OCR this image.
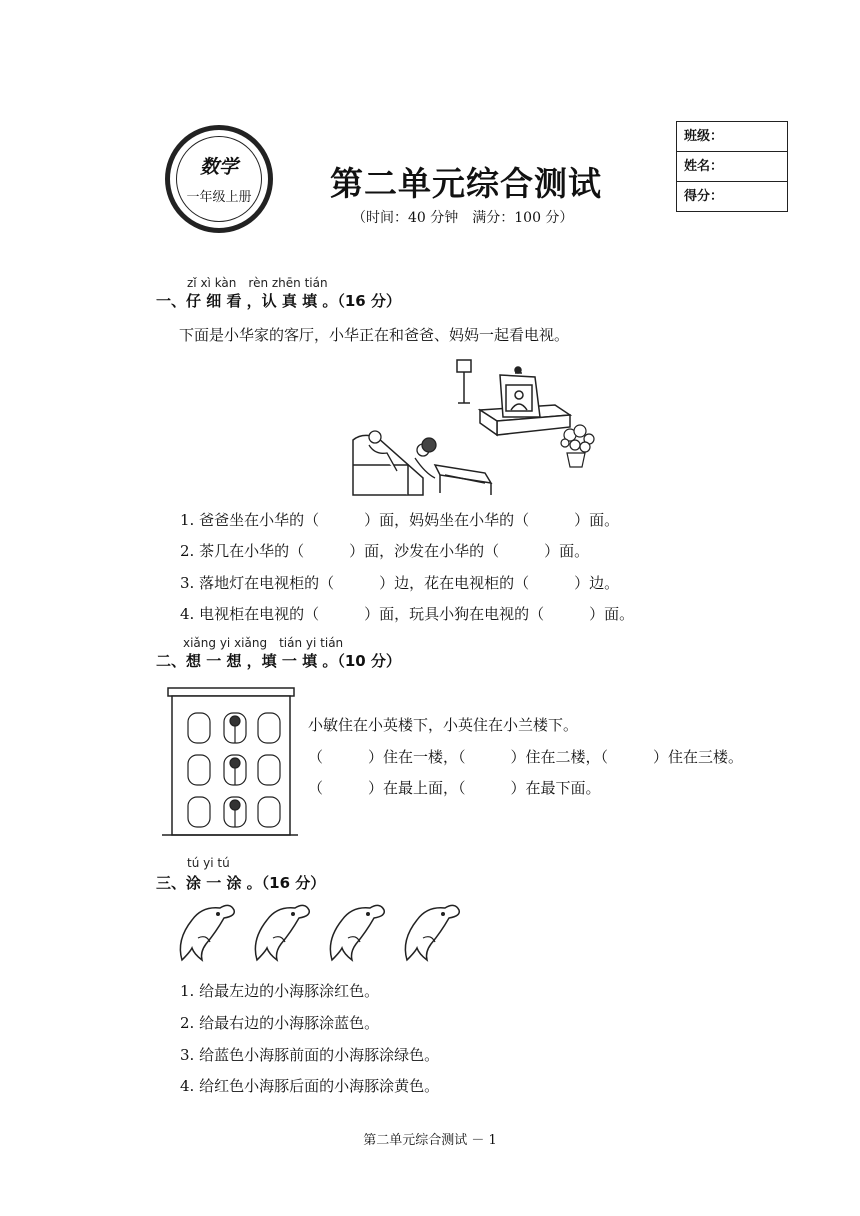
数学
一年级上册	第二单元综合测试
（时间：40 分钟　满分：100 分）
班级：
姓名：
得分：
zǐ xì kàn　rèn zhēn tián
一、仔 细 看 ，认 真 填 。（16 分）
下面是小华家的客厅，小华正在和爸爸、妈妈一起看电视。
1. 爸爸坐在小华的（　　　）面，妈妈坐在小华的（　　　）面。
2. 茶几在小华的（　　　）面，沙发在小华的（　　　）面。
3. 落地灯在电视柜的（　　　）边，花在电视柜的（　　　）边。
4. 电视柜在电视的（　　　）面，玩具小狗在电视的（　　　）面。
xiǎng yi xiǎng　tián yi tián
二、想 一 想 ，填 一 填 。（10 分）
小敏住在小英楼下，小英住在小兰楼下。
（　　　）住在一楼，（　　　）住在二楼，（　　　）住在三楼。
（　　　）在最上面，（　　　）在最下面。
tú yi tú
三、涂 一 涂 。（16 分）
1. 给最左边的小海豚涂红色。
2. 给最右边的小海豚涂蓝色。
3. 给蓝色小海豚前面的小海豚涂绿色。
4. 给红色小海豚后面的小海豚涂黄色。
第二单元综合测试 － 1
